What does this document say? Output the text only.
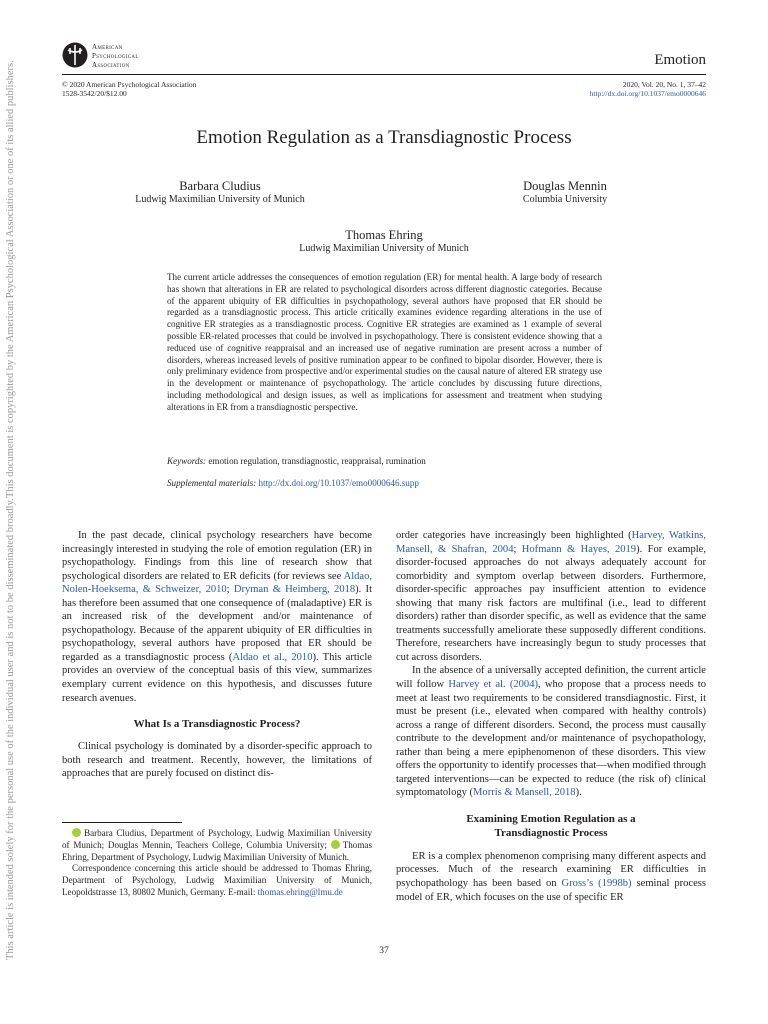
This document is copyrighted by the American Psychological Association or one of its allied publishers.
This article is intended solely for the personal use of the individual user and is not to be disseminated broadly.
American
Psychological
Association	Emotion
© 2020 American Psychological Association
1528-3542/20/$12.00
2020, Vol. 20, No. 1, 37–42
http://dx.doi.org/10.1037/emo0000646
Emotion Regulation as a Transdiagnostic Process
Barbara Cludius
Ludwig Maximilian University of Munich
Douglas Mennin
Columbia University
Thomas Ehring
Ludwig Maximilian University of Munich
The current article addresses the consequences of emotion regulation (ER) for mental health. A large body of research has shown that alterations in ER are related to psychological disorders across different diagnostic categories. Because of the apparent ubiquity of ER difficulties in psychopathology, several authors have proposed that ER should be regarded as a transdiagnostic process. This article critically examines evidence regarding alterations in the use of cognitive ER strategies as a transdiagnostic process. Cognitive ER strategies are examined as 1 example of several possible ER-related processes that could be involved in psychopathology. There is consistent evidence showing that a reduced use of cognitive reappraisal and an increased use of negative rumination are present across a number of disorders, whereas increased levels of positive rumination appear to be confined to bipolar disorder. However, there is only preliminary evidence from prospective and/or experimental studies on the causal nature of altered ER strategy use in the development or maintenance of psychopathology. The article concludes by discussing future directions, including methodological and design issues, as well as implications for assessment and treatment when studying alterations in ER from a transdiagnostic perspective.
Keywords: emotion regulation, transdiagnostic, reappraisal, rumination
Supplemental materials: http://dx.doi.org/10.1037/emo0000646.supp

In the past decade, clinical psychology researchers have become increasingly interested in studying the role of emotion regulation (ER) in psychopathology. Findings from this line of research show that psychological disorders are related to ER deficits (for reviews see Aldao, Nolen-Hoeksema, & Schweizer, 2010; Dryman & Heimberg, 2018). It has therefore been assumed that one consequence of (maladaptive) ER is an increased risk of the development and/or maintenance of psychopathology. Because of the apparent ubiquity of ER difficulties in psychopathology, several authors have proposed that ER should be regarded as a transdiagnostic process (Aldao et al., 2010). This article provides an overview of the conceptual basis of this view, summarizes exemplary current evidence on this hypothesis, and discusses future research avenues.

What Is a Transdiagnostic Process?

Clinical psychology is dominated by a disorder-specific approach to both research and treatment. Recently, however, the limitations of approaches that are purely focused on distinct dis-

order categories have increasingly been highlighted (Harvey, Watkins, Mansell, & Shafran, 2004; Hofmann & Hayes, 2019). For example, disorder-focused approaches do not always adequately account for comorbidity and symptom overlap between disorders. Furthermore, disorder-specific approaches pay insufficient attention to evidence showing that many risk factors are multifinal (i.e., lead to different disorders) rather than disorder specific, as well as evidence that the same treatments successfully ameliorate these supposedly different conditions. Therefore, researchers have increasingly begun to study processes that cut across disorders.

In the absence of a universally accepted definition, the current article will follow Harvey et al. (2004), who propose that a process needs to meet at least two requirements to be considered transdiagnostic. First, it must be present (i.e., elevated when compared with healthy controls) across a range of different disorders. Second, the process must causally contribute to the development and/or maintenance of psychopathology, rather than being a mere epiphenomenon of these disorders. This view offers the opportunity to identify processes that—when modified through targeted interventions—can be expected to reduce (the risk of) clinical symptomatology (Morris & Mansell, 2018).

Examining Emotion Regulation as a
Transdiagnostic Process

ER is a complex phenomenon comprising many different aspects and processes. Much of the research examining ER difficulties in psychopathology has been based on Gross’s (1998b) seminal process model of ER, which focuses on the use of specific ER

Barbara Cludius, Department of Psychology, Ludwig Maximilian University of Munich; Douglas Mennin, Teachers College, Columbia University; Thomas Ehring, Department of Psychology, Ludwig Maximilian University of Munich.

Correspondence concerning this article should be addressed to Thomas Ehring, Department of Psychology, Ludwig Maximilian University of Munich, Leopoldstrasse 13, 80802 Munich, Germany. E-mail: thomas.ehring@lmu.de

37
